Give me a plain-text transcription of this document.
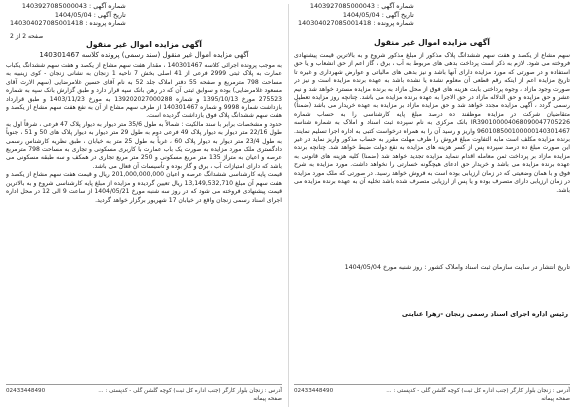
شماره آگهی : 1403927085000043
تاریخ آگهی : 1404/05/04
شماره پرونده : 140304027085001418
صفحه 2 از 2
آگهی مزایده اموال غیر منقول
آگهی مزایده اموال غیر منقول (سند رسمی) پرونده کلاسه 140301467
به موجب پرونده اجرائی کلاسه 140301467 ، مقدار هفت سهم مشاع از یکصد و هفت سهم ششدانگ یکباب عمارت به پلاک ثبتی 2999 فرعی از 41 اصلی بخش 7 ناحیه 1 زنجان به نشانی زنجان - کوی زینبیه به مساحت 798 مترمربع و صفحه 55 دفتر املاک جلد 52 به نام آقای حسین غلامرضایی (سهم الارث آقای مسعود غلامرضایی) بوده و سوابق ثبتی آن که در رهن بانک سپه قرار دارد و طبق گزارش بانک سپه به شماره 275523 مورخ 1395/10/13 و شماره 139202027000288 به مورخ 1403/11/23 و طبق قرارداد بازداشت شماره 9998 و شماره 140301467 از طرف سهم مشاع از آن به نفع هفت سهم مشاع از یکصد و هفت سهم ششدانگ پلاک فوق بازداشت گردیده است.
حدود و مشخصات برابر با سند مالکیت : شمالاً به طول 35/6 متر دیوار به دیوار پلاک 47 فرعی ، شرقاً اول به طول 22/16 متر دیوار به دیوار پلاک 49 فرعی دوم به طول 29 متر دیوار به دیوار پلاک های 50 و 51 ، جنوباً به طول 23/4 متر دیوار به دیوار پلاک 60 ، غرباً به طول 25 متر به خیابان ، طبق نظریه کارشناس رسمی دادگستری ملک مورد مزایده به صورت یک باب عمارت با کاربری مسکونی و تجاری به مساحت 798 مترمربع عرصه و اعیان به متراژ 135 متر مربع مسکونی و 250 متر مربع تجاری در همکف و سه طبقه مسکونی می باشد که دارای امتیازات آب ، برق و گاز بوده و تأسیسات آن فعال می باشد.
قیمت پایه کارشناسی ششدانگ عرصه و اعیان 201,000,000,000 ریال و قیمت هفت سهم مشاع از یکصد و هفت سهم آن مبلغ 13,149,532,710 ریال تعیین گردیده و مزایده از مبلغ پایه کارشناسی شروع و به بالاترین قیمت پیشنهادی فروخته می شود که در روز سه شنبه مورخ 1404/05/21 از ساعت 9 الی 12 در محل اداره اجرای اسناد رسمی زنجان واقع در خیابان 17 شهریور برگزار خواهد گردید.
آدرس : زنجان بلوار کارگر (جنب اداره کل ثبت) کوچه گلشن گلی - کدپستی : ...
02433448490
صفحه پیمانه
شماره آگهی : 1403927085000043
تاریخ آگهی : 1404/05/04
شماره پرونده : 140304027085001418
آگهی مزایده اموال غیر منقول
سهم مشاع از یکصد و هفت سهم ششدانگ پلاک مذکور از مبلغ مذکور شروع و به بالاترین قیمت پیشنهادی فروخته می شود. لازم به ذکر است پرداخت بدهی های مربوط به آب ، برق ، گاز اعم از حق انشعاب و یا حق استفاده و در صورتی که مورد مزایده دارای آنها باشد و نیز بدهی های مالیاتی و عوارض شهرداری و غیره تا تاریخ مزایده اعم از اینکه رقم قطعی آن معلوم نشده یا نشده باشد به عهده برنده مزایده است و نیز در صورت وجود مازاد ، وجوه پرداختی بابت هزینه های فوق از محل مازاد به برنده مزایده مسترد خواهد شد و نیم عشر و حق مزایده و حق الدلاله مازاد در حق الاجرا به عهده برنده مزایده می باشد. چنانچه روز مزایده تعطیل رسمی گردد ، آگهی مزایده مجدد خواهد شد و حق مزایده مازاد بر مزایده به عهده خریدار می باشد (ضمناً) متقاضیان شرکت در مزایده موظفند ده درصد مبلغ پایه کارشناسی را به حساب شماره IR390100004068090047705226 بانک مرکزی به نام سپرده ثبت اسناد و املاک به شماره شناسه 960108500100000140301467 واریز و رسید آن را به همراه درخواست کتبی به اداره اجرا تسلیم نمایند. برنده مزایده مکلف است مابه التفاوت مبلغ فروش را ظرف مهلت مقرر به حساب مذکور واریز نماید در غیر این صورت مبلغ ده درصد سپرده پس از کسر هزینه های مزایده به نفع دولت ضبط خواهد شد. چنانچه برنده مزایده مازاد بر پرداخت ثمن معامله اقدام ننماید مزایده تجدید خواهد شد (ضمنا) کلیه هزینه های قانونی به عهده برنده مزایده می باشد و خریدار حق ادعای هیچگونه خسارتی را نخواهد داشت. مورد مزایده به شرح فوق و با همان وضعیتی که در زمان ارزیابی بوده است به فروش خواهد رسید. در صورتی که ملک مورد مزایده در زمان ارزیابی دارای متصرف بوده و یا پس از ارزیابی متصرف شده باشد تخلیه آن به عهده برنده مزایده می باشد.
تاریخ انتشار در سایت سازمان ثبت اسناد واملاک کشور : روز شنبه مورخ 1404/05/04
رئیس اداره اجرای اسناد رسمی زنجان -زهرا عنایتی
آدرس : زنجان بلوار کارگر (جنب اداره کل ثبت) کوچه گلشن گلی - کدپستی : ...
02433448490
صفحه پیمانه
